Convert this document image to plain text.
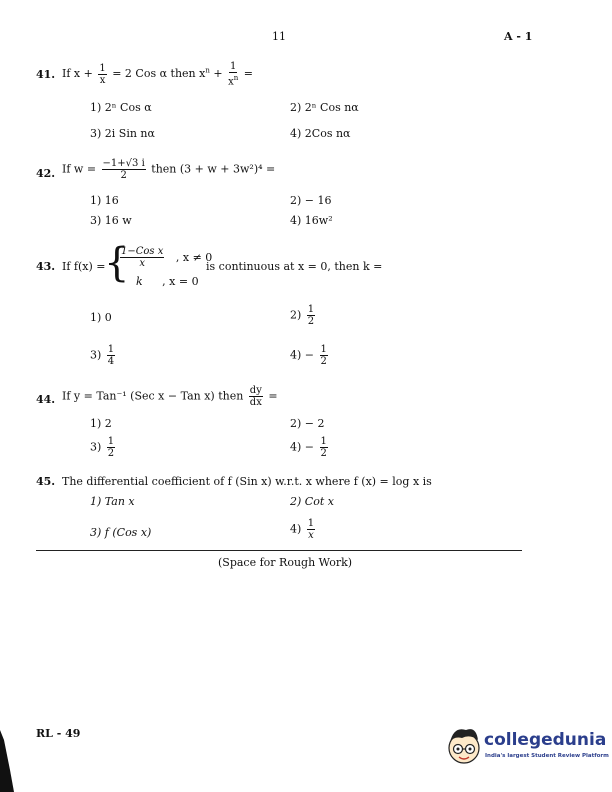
11	A - 1
41. If $x + \frac{1}{x} = 2$ Cos α then $x^n + \frac{1}{x^n}$ =
1) 2ⁿ Cos α	2) 2ⁿ Cos nα
3) 2i Sin nα	4) 2Cos nα
42. If $w = \frac{-1+√3 i}{2}$ then (3 + w + 3w²)⁴ =
1) 16	2) − 16
3) 16 w	4) 16w²
43. If f(x) =
{
$\frac{\text{1−Cos x}}{x}$ , x ≠ 0
k , x = 0
is continuous at x = 0, then k =
1) 0	$2) \frac{1}{2}$
$3) \frac{1}{4}$	$4) - \frac{1}{2}$
44. If y = Tan⁻¹ (Sec x − Tan x) then $\frac{dy}{dx}$ =
1) 2	2) − 2
$3) \frac{1}{2}$	$4) - \frac{1}{2}$
45. The differential coefficient of f (Sin x) w.r.t. x where f (x) = log x is
1) Tan x	2) Cot x
3) f (Cos x)	$4) \frac{1}{x}$
(Space for Rough Work)
RL - 49	collegedunia
India's largest Student Review Platform
